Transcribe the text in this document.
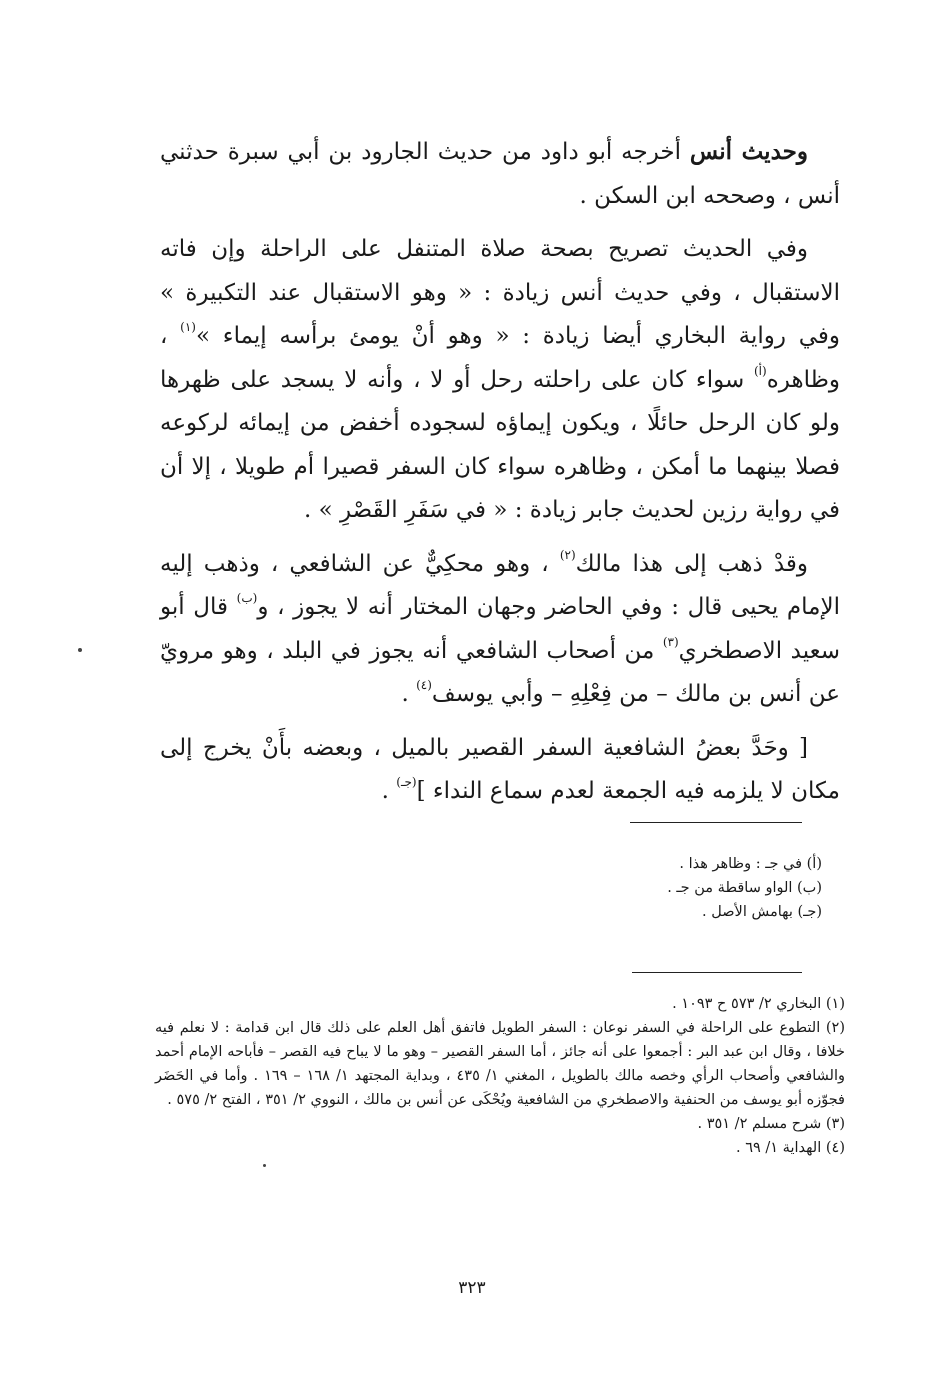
وحديث أنس أخرجه أبو داود من حديث الجارود بن أبي سبرة حدثني أنس ، وصححه ابن السكن .

وفي الحديث تصريح بصحة صلاة المتنفل على الراحلة وإن فاته الاستقبال ، وفي حديث أنس زيادة : « وهو الاستقبال عند التكبيرة » وفي رواية البخاري أيضا زيادة : « وهو أنْ يومئ برأسه إيماء »$^{(١)}$ ، وظاهره$^{(أ)}$ سواء كان على راحلته رحل أو لا ، وأنه لا يسجد على ظهرها ولو كان الرحل حائلًا ، ويكون إيماؤه لسجوده أخفض من إيمائه لركوعه فصلا بينهما ما أمكن ، وظاهره سواء كان السفر قصيرا أم طويلا ، إلا أن في رواية رزين لحديث جابر زيادة : « في سَفَرِ القَصْرِ » .

وقدْ ذهب إلى هذا مالك$^{(٢)}$ ، وهو محكِيٌّ عن الشافعي ، وذهب إليه الإمام يحيى قال : وفي الحاضر وجهان المختار أنه لا يجوز ، و$^{(ب)}$ قال أبو سعيد الاصطخري$^{(٣)}$ من أصحاب الشافعي أنه يجوز في البلد ، وهو مرويّ عن أنس بن مالك – من فِعْلِهِ – وأبي يوسف$^{(٤)}$ .

[ وحَدَّ بعضُ الشافعية السفر القصير بالميل ، وبعضه بأَنْ يخرج إلى مكان لا يلزمه فيه الجمعة لعدم سماع النداء ]$^{(جـ)}$ .

(أ) في جـ : وظاهر هذا .

(ب) الواو ساقطة من جـ .

(جـ) بهامش الأصل .

(١) البخاري ٢/ ٥٧٣ ح ١٠٩٣ .

(٢) التطوع على الراحلة في السفر نوعان : السفر الطويل فاتفق أهل العلم على ذلك قال ابن قدامة : لا نعلم فيه خلافا ، وقال ابن عبد البر : أجمعوا على أنه جائز ، أما السفر القصير – وهو ما لا يباح فيه القصر – فأباحه الإمام أحمد والشافعي وأصحاب الرأي وخصه مالك بالطويل ، المغني ١/ ٤٣٥ ، وبداية المجتهد ١/ ١٦٨ – ١٦٩ . وأما في الحَضَر فجوّزه أبو يوسف من الحنفية والاصطخري من الشافعية ويُحْكَى عن أنس بن مالك ، النووي ٢/ ٣٥١ ، الفتح ٢/ ٥٧٥ .

(٣) شرح مسلم ٢/ ٣٥١ .

(٤) الهداية ١/ ٦٩ .

٣٢٣
